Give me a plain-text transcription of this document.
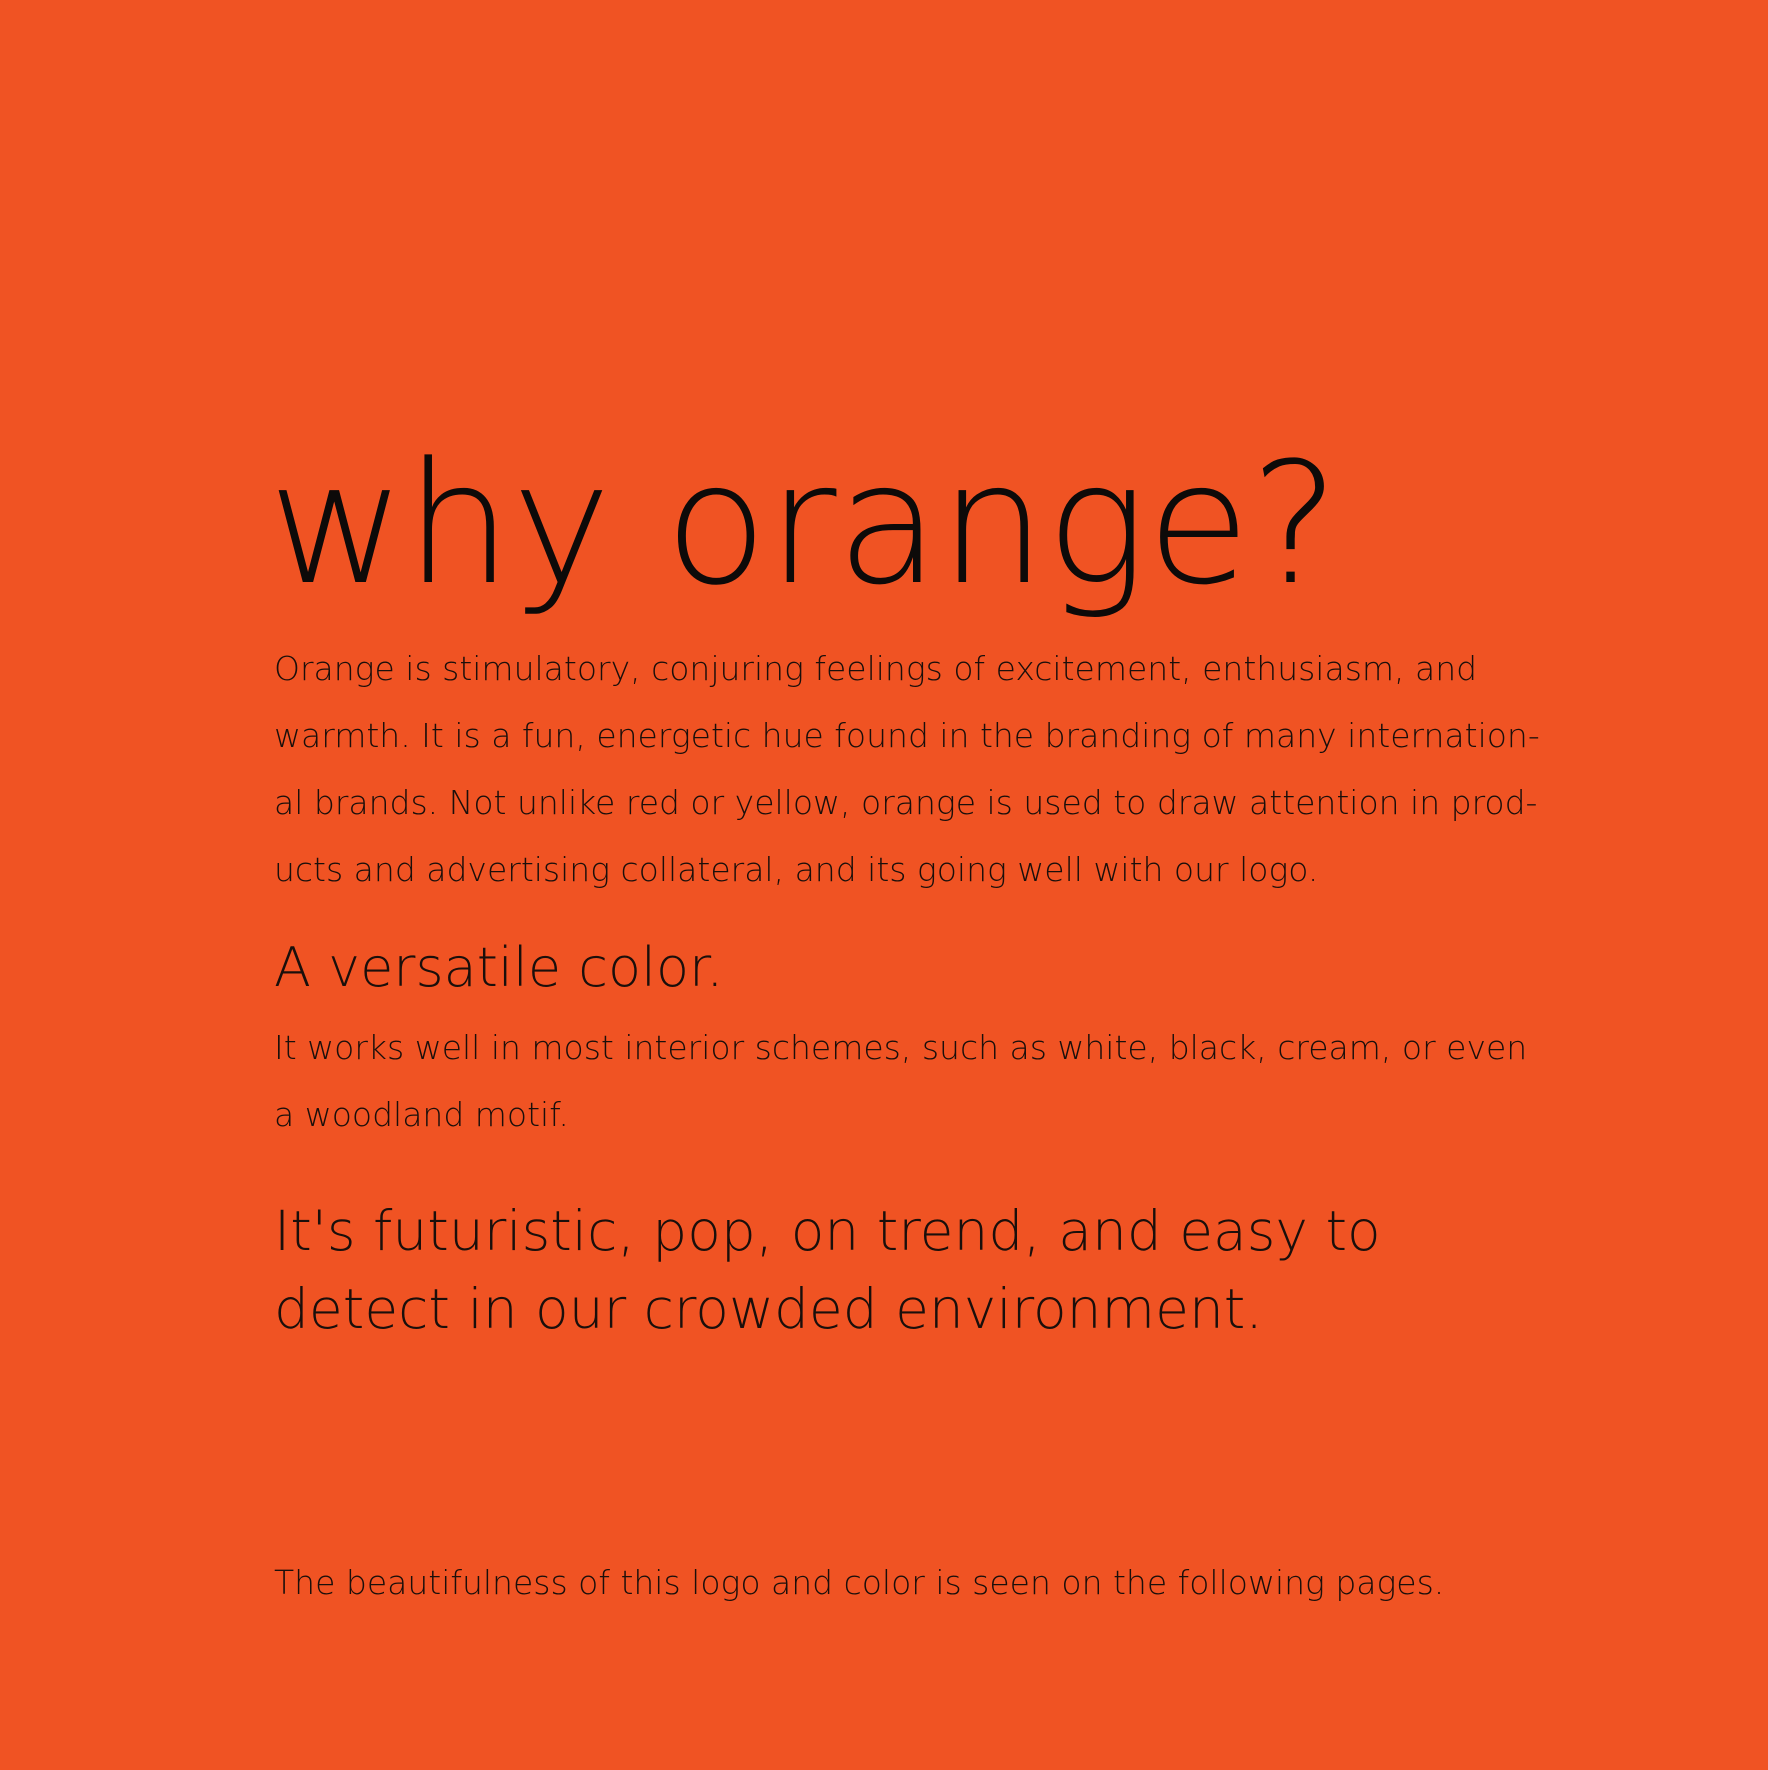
why orange?

Orange is stimulatory, conjuring feelings of excitement, enthusiasm, and warmth. It is a fun, energetic hue found in the branding of many internation-al brands. Not unlike red or yellow, orange is used to draw attention in prod-ucts and advertising collateral, and its going well with our logo.

A versatile color.

It works well in most interior schemes, such as white, black, cream, or even a woodland motif.

It's futuristic, pop, on trend, and easy to detect in our crowded environment.

The beautifulness of this logo and color is seen on the following pages.
